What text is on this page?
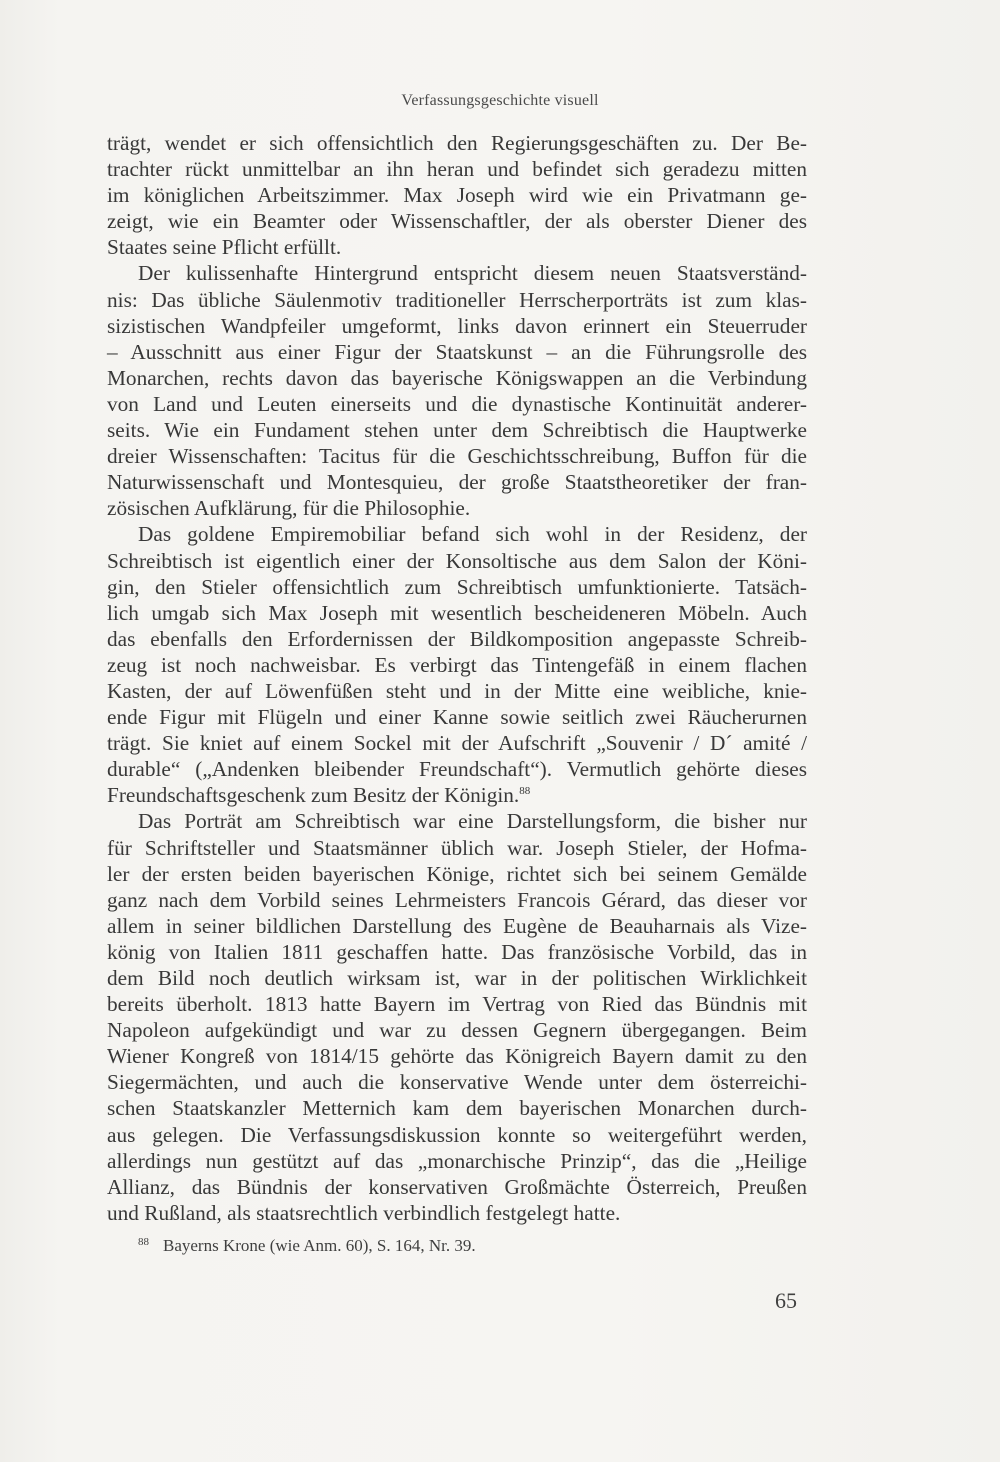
Verfassungsgeschichte visuell
trägt, wendet er sich offensichtlich den Regierungsgeschäften zu. Der Be-
trachter rückt unmittelbar an ihn heran und befindet sich geradezu mitten
im königlichen Arbeitszimmer. Max Joseph wird wie ein Privatmann ge-
zeigt, wie ein Beamter oder Wissenschaftler, der als oberster Diener des
Staates seine Pflicht erfüllt.
Der kulissenhafte Hintergrund entspricht diesem neuen Staatsverständ-
nis: Das übliche Säulenmotiv traditioneller Herrscherporträts ist zum klas-
sizistischen Wandpfeiler umgeformt, links davon erinnert ein Steuerruder
– Ausschnitt aus einer Figur der Staatskunst – an die Führungsrolle des
Monarchen, rechts davon das bayerische Königswappen an die Verbindung
von Land und Leuten einerseits und die dynastische Kontinuität anderer-
seits. Wie ein Fundament stehen unter dem Schreibtisch die Hauptwerke
dreier Wissenschaften: Tacitus für die Geschichtsschreibung, Buffon für die
Naturwissenschaft und Montesquieu, der große Staatstheoretiker der fran-
zösischen Aufklärung, für die Philosophie.
Das goldene Empiremobiliar befand sich wohl in der Residenz, der
Schreibtisch ist eigentlich einer der Konsoltische aus dem Salon der Köni-
gin, den Stieler offensichtlich zum Schreibtisch umfunktionierte. Tatsäch-
lich umgab sich Max Joseph mit wesentlich bescheideneren Möbeln. Auch
das ebenfalls den Erfordernissen der Bildkomposition angepasste Schreib-
zeug ist noch nachweisbar. Es verbirgt das Tintengefäß in einem flachen
Kasten, der auf Löwenfüßen steht und in der Mitte eine weibliche, knie-
ende Figur mit Flügeln und einer Kanne sowie seitlich zwei Räucherurnen
trägt. Sie kniet auf einem Sockel mit der Aufschrift „Souvenir / D´ amité /
durable“ („Andenken bleibender Freundschaft“). Vermutlich gehörte dieses
Freundschaftsgeschenk zum Besitz der Königin.$^{88}$
Das Porträt am Schreibtisch war eine Darstellungsform, die bisher nur
für Schriftsteller und Staatsmänner üblich war. Joseph Stieler, der Hofma-
ler der ersten beiden bayerischen Könige, richtet sich bei seinem Gemälde
ganz nach dem Vorbild seines Lehrmeisters Francois Gérard, das dieser vor
allem in seiner bildlichen Darstellung des Eugène de Beauharnais als Vize-
könig von Italien 1811 geschaffen hatte. Das französische Vorbild, das in
dem Bild noch deutlich wirksam ist, war in der politischen Wirklichkeit
bereits überholt. 1813 hatte Bayern im Vertrag von Ried das Bündnis mit
Napoleon aufgekündigt und war zu dessen Gegnern übergegangen. Beim
Wiener Kongreß von 1814/15 gehörte das Königreich Bayern damit zu den
Siegermächten, und auch die konservative Wende unter dem österreichi-
schen Staatskanzler Metternich kam dem bayerischen Monarchen durch-
aus gelegen. Die Verfassungsdiskussion konnte so weitergeführt werden,
allerdings nun gestützt auf das „monarchische Prinzip“, das die „Heilige
Allianz, das Bündnis der konservativen Großmächte Österreich, Preußen
und Rußland, als staatsrechtlich verbindlich festgelegt hatte.
$^{88}$ Bayerns Krone (wie Anm. 60), S. 164, Nr. 39.
65
